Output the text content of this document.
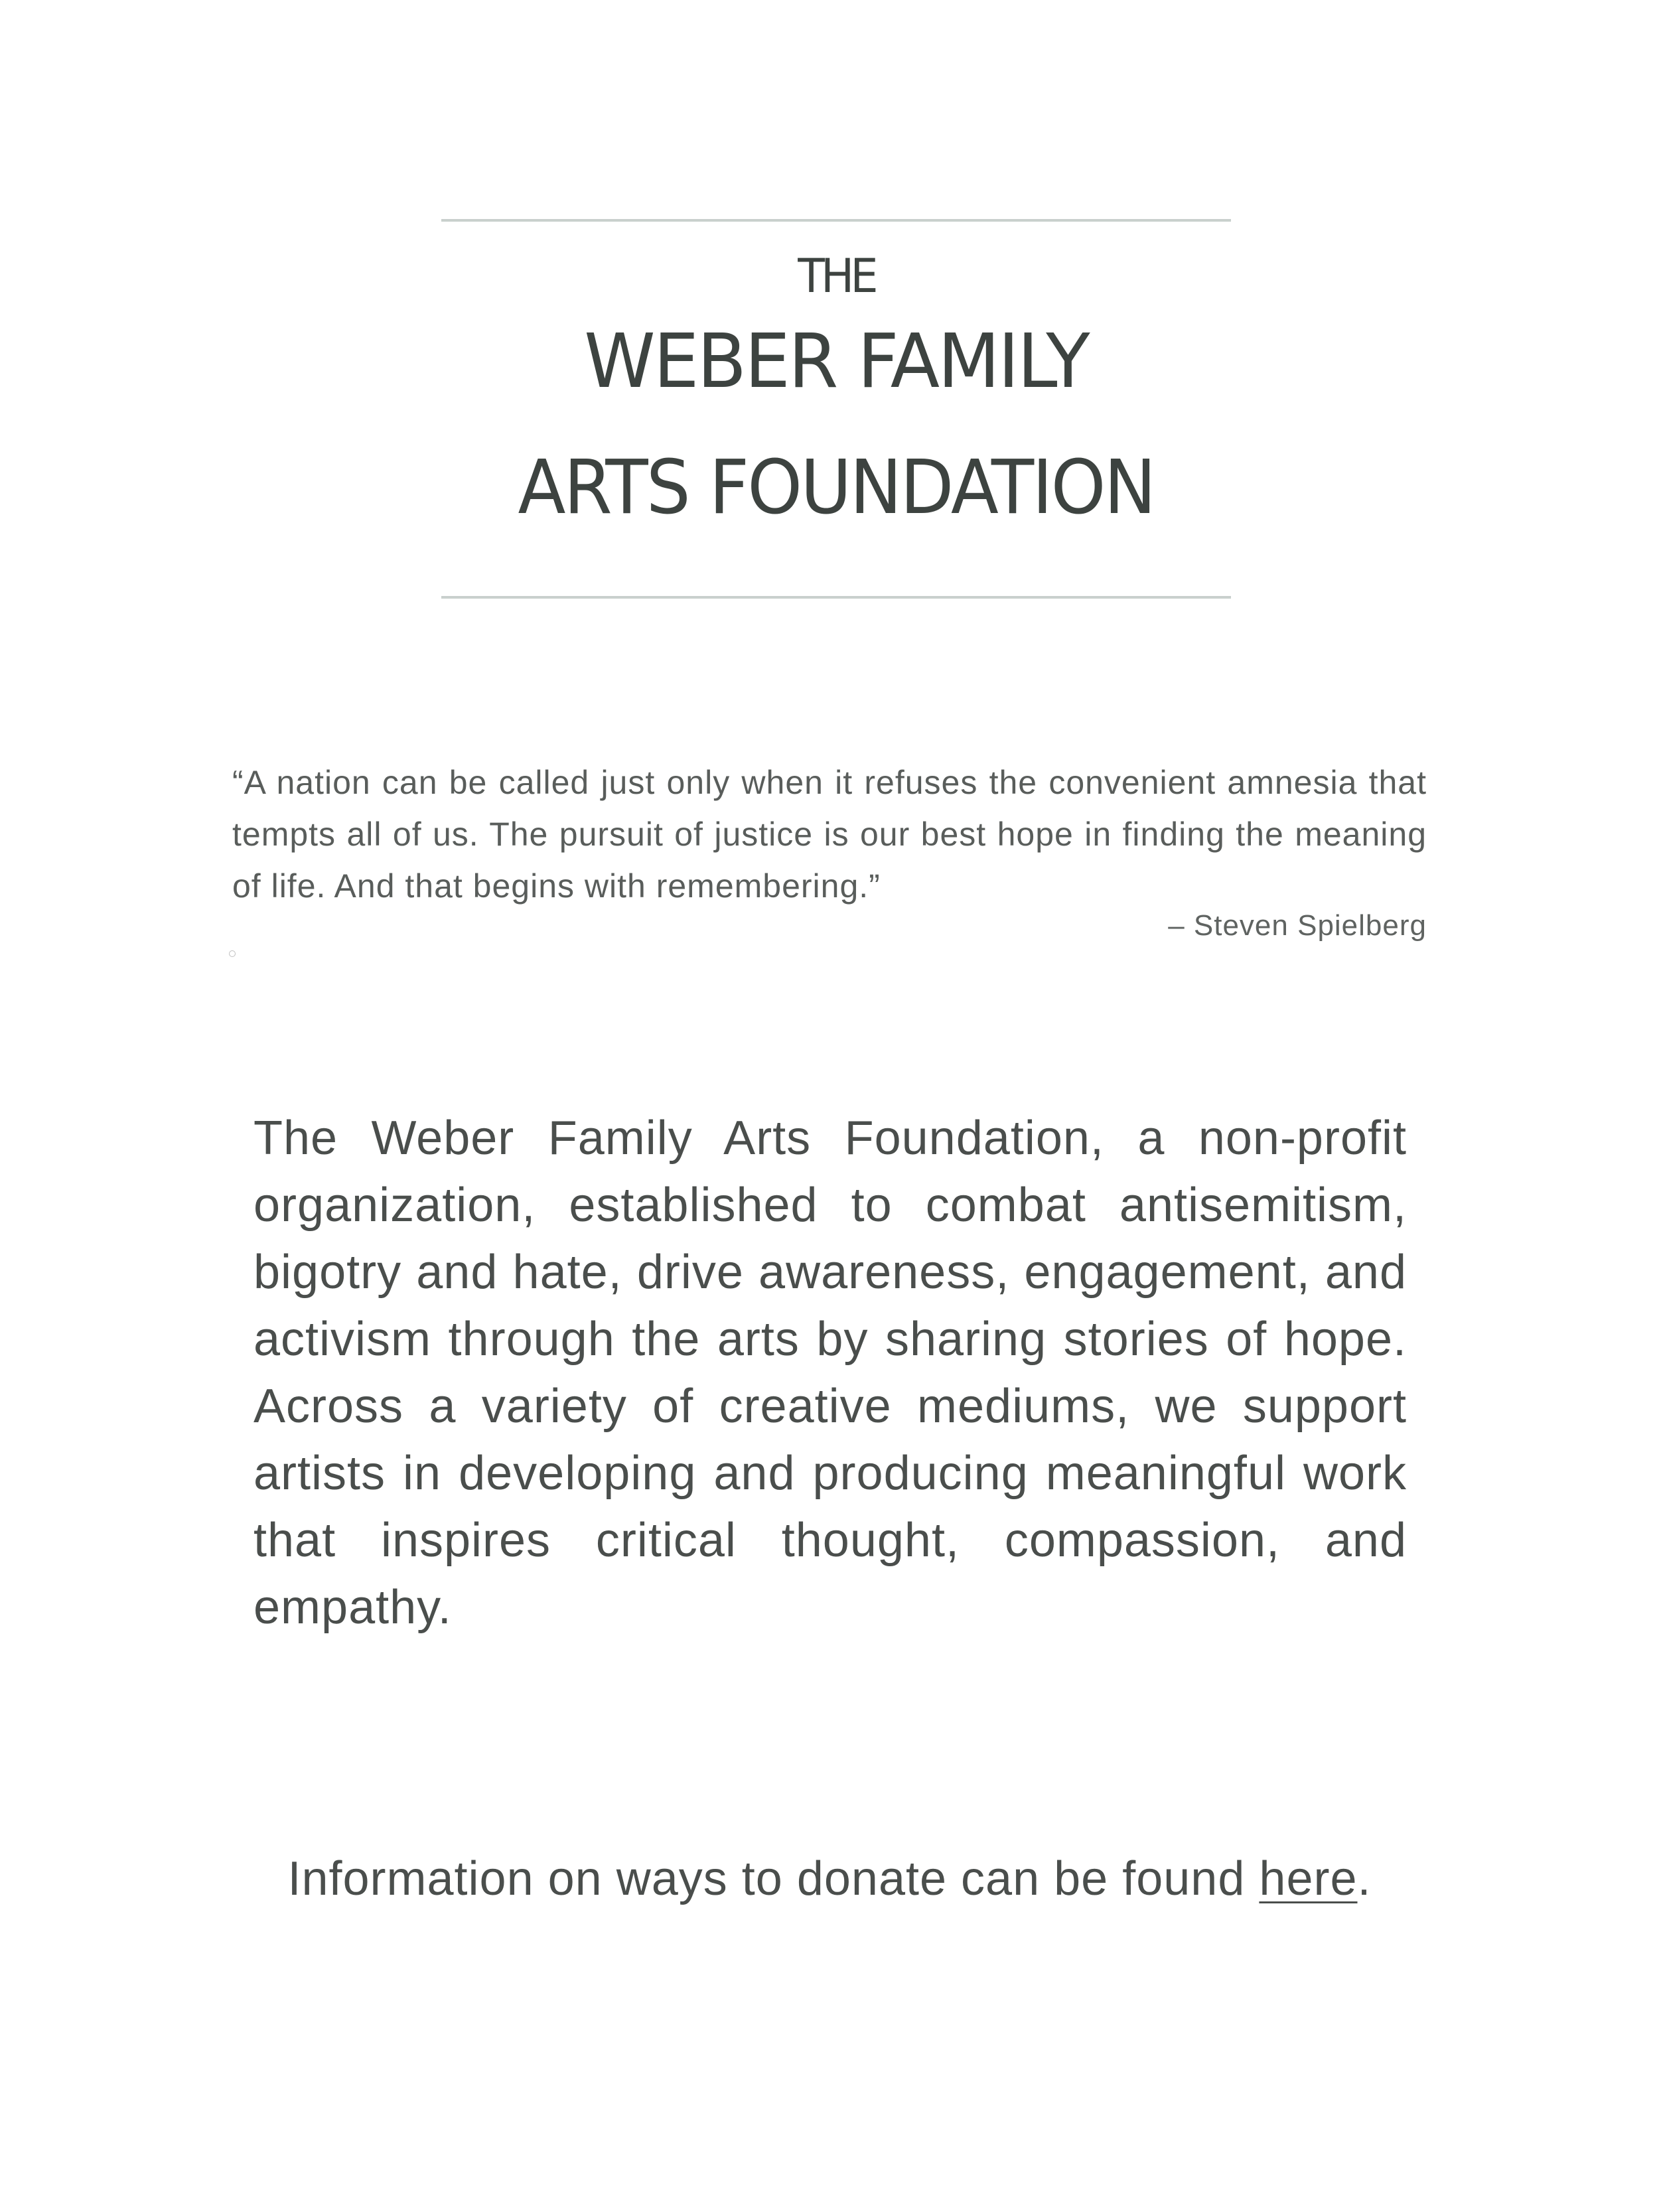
THE
WEBER FAMILY
ARTS FOUNDATION
“A nation can be called just only when it refuses the convenient amnesia that tempts all of us. The pursuit of justice is our best hope in finding the meaning of life. And that begins with remembering.”
– Steven Spielberg
The Weber Family Arts Foundation, a non-profit organization, established to combat antisemitism, bigotry and hate, drive awareness, engagement, and activism through the arts by sharing stories of hope. Across a variety of creative mediums, we support artists in developing and producing meaningful work that inspires critical thought, compassion, and empathy.
Information on ways to donate can be found here.
